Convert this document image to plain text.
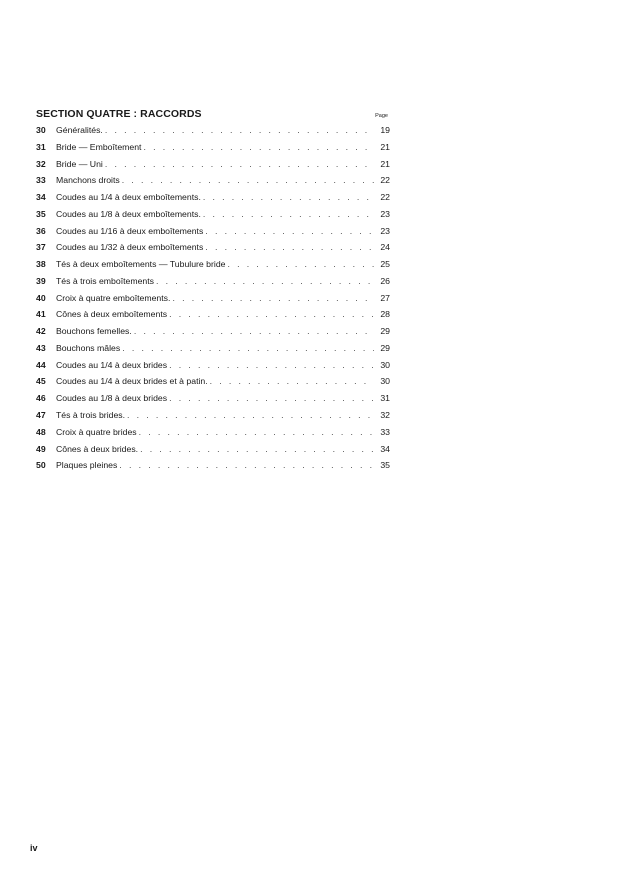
SECTION QUATRE : RACCORDS	Page
30	Généralités. . . .	19
31	Bride — Emboîtement . . .	21
32	Bride — Uni . . .	21
33	Manchons droits . . .	22
34	Coudes au 1/4 à deux emboîtements. . . .	22
35	Coudes au 1/8 à deux emboîtements. . . .	23
36	Coudes au 1/16 à deux emboîtements . . .	23
37	Coudes au 1/32 à deux emboîtements . . .	24
38	Tés à deux emboîtements — Tubulure bride . . .	25
39	Tés à trois emboîtements . . .	26
40	Croix à quatre emboîtements. . . .	27
41	Cônes à deux emboîtements . . .	28
42	Bouchons femelles. . . .	29
43	Bouchons mâles . . .	29
44	Coudes au 1/4 à deux brides . . .	30
45	Coudes au 1/4 à deux brides et à patin. . . .	30
46	Coudes au 1/8 à deux brides . . .	31
47	Tés à trois brides. . . .	32
48	Croix à quatre brides . . .	33
49	Cônes à deux brides. . . .	34
50	Plaques pleines . . .	35
iv
